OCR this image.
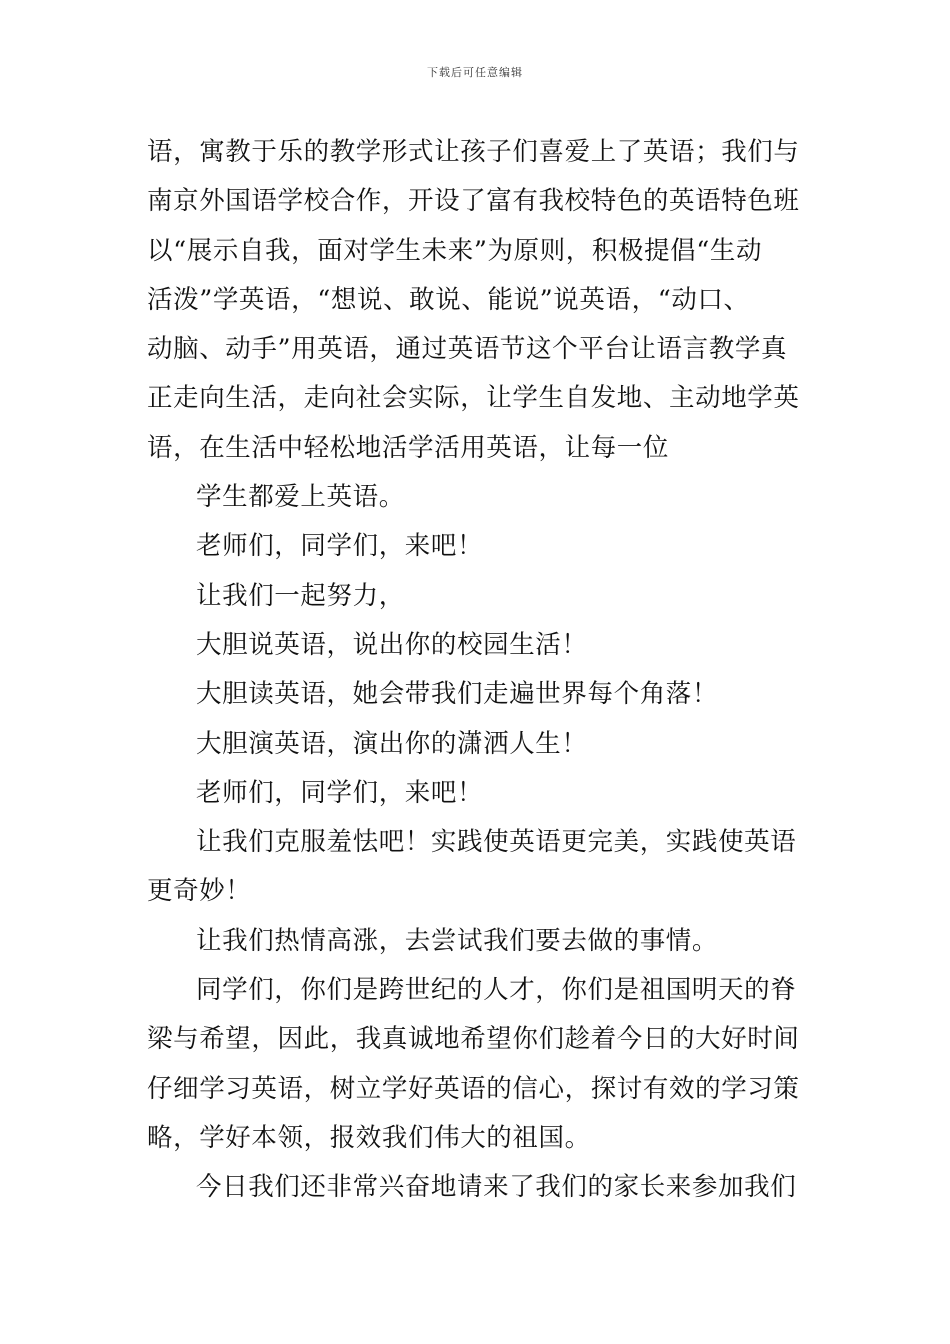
下载后可任意编辑
语，寓教于乐的教学形式让孩子们喜爱上了英语；我们与
南京外国语学校合作，开设了富有我校特色的英语特色班
以“展示自我，面对学生未来”为原则，积极提倡“生动
活泼”学英语，“想说、敢说、能说”说英语，“动口、
动脑、动手”用英语，通过英语节这个平台让语言教学真
正走向生活，走向社会实际，让学生自发地、主动地学英
语，在生活中轻松地活学活用英语，让每一位
学生都爱上英语。
老师们，同学们，来吧！
让我们一起努力，
大胆说英语，说出你的校园生活！
大胆读英语，她会带我们走遍世界每个角落！
大胆演英语，演出你的潇洒人生！
老师们，同学们，来吧！
让我们克服羞怯吧！实践使英语更完美，实践使英语
更奇妙！
让我们热情高涨，去尝试我们要去做的事情。
同学们，你们是跨世纪的人才，你们是祖国明天的脊
梁与希望，因此，我真诚地希望你们趁着今日的大好时间
仔细学习英语，树立学好英语的信心，探讨有效的学习策
略，学好本领，报效我们伟大的祖国。
今日我们还非常兴奋地请来了我们的家长来参加我们
